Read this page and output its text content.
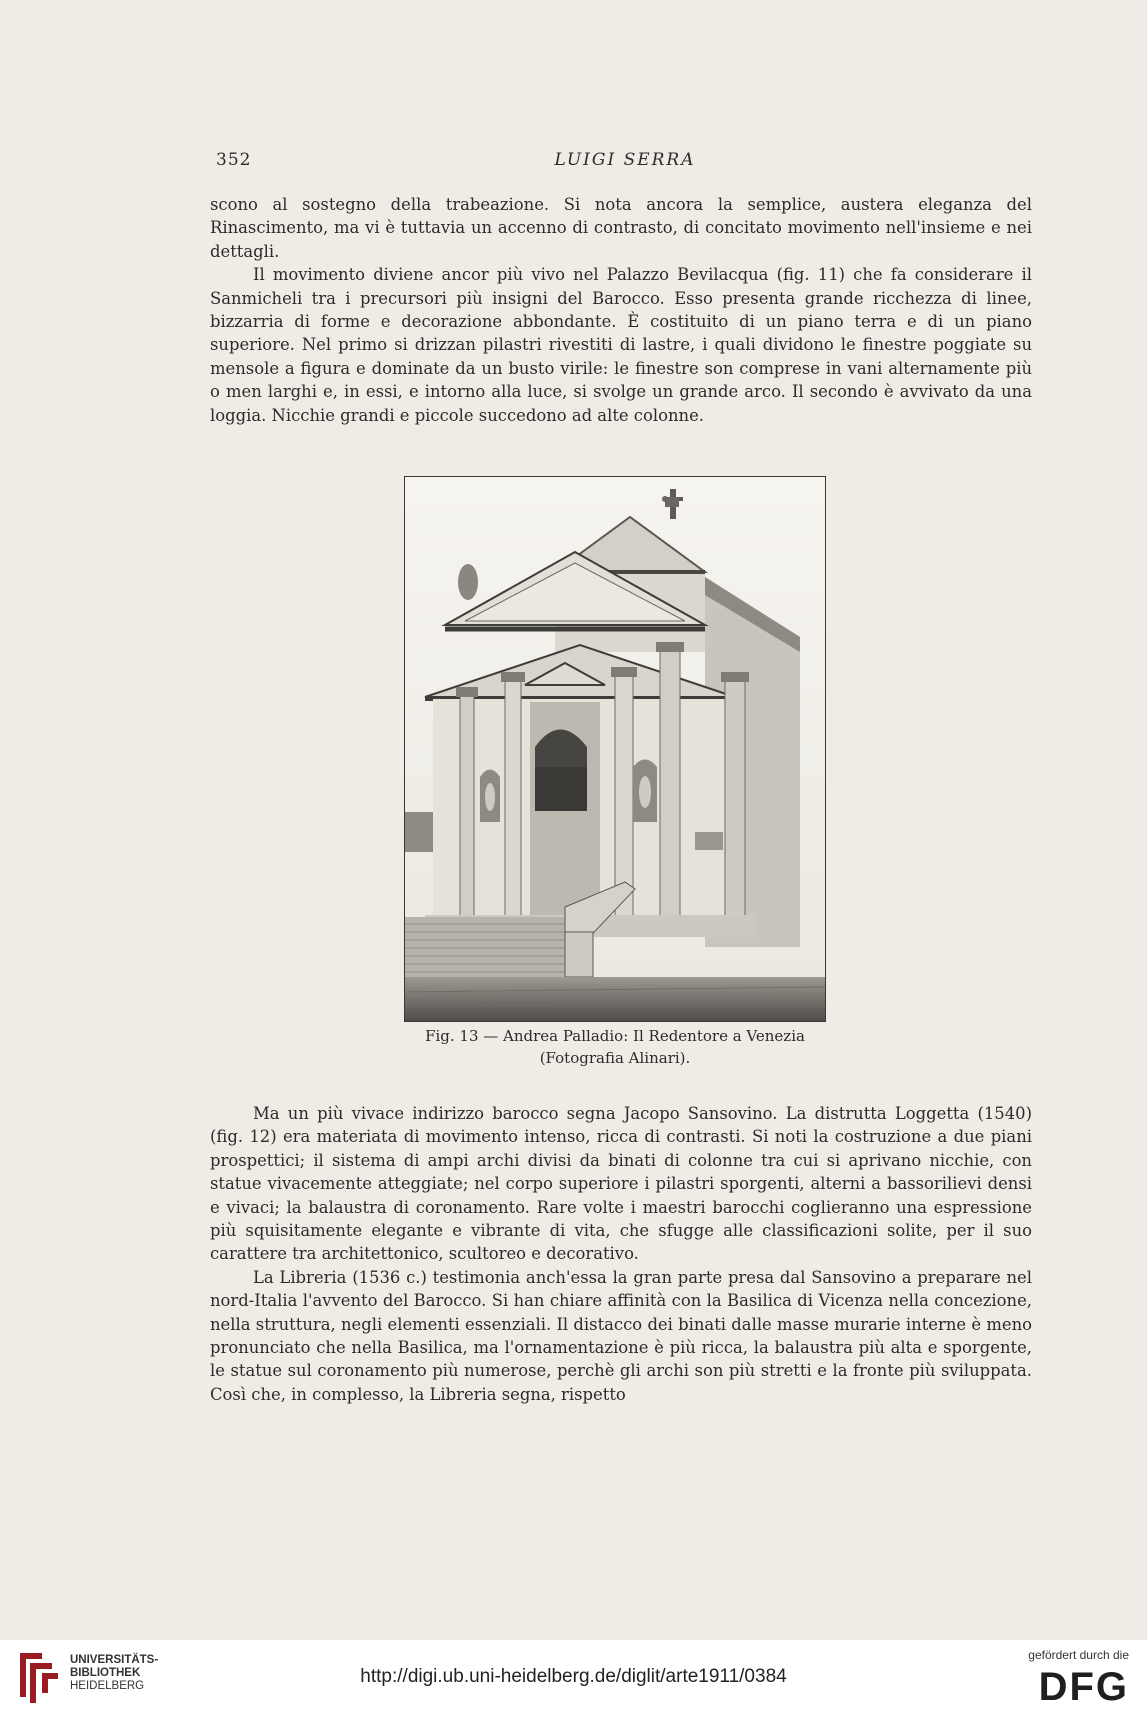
352	LUIGI SERRA

scono al sostegno della trabeazione. Si nota ancora la semplice, austera eleganza del Rinascimento, ma vi è tuttavia un accenno di contrasto, di concitato movimento nell'insieme e nei dettagli.

Il movimento diviene ancor più vivo nel Palazzo Bevilacqua (fig. 11) che fa considerare il Sanmicheli tra i precursori più insigni del Barocco. Esso presenta grande ricchezza di linee, bizzarria di forme e decorazione abbondante. È costituito di un piano terra e di un piano superiore. Nel primo si drizzan pilastri rivestiti di lastre, i quali dividono le finestre poggiate su mensole a figura e dominate da un busto virile: le finestre son comprese in vani alternamente più o men larghi e, in essi, e intorno alla luce, si svolge un grande arco. Il secondo è avvivato da una loggia. Nicchie grandi e piccole succedono ad alte colonne.

Fig. 13 — Andrea Palladio: Il Redentore a Venezia
(Fotografia Alinari).

Ma un più vivace indirizzo barocco segna Jacopo Sansovino. La distrutta Loggetta (1540) (fig. 12) era materiata di movimento intenso, ricca di contrasti. Si noti la costruzione a due piani prospettici; il sistema di ampi archi divisi da binati di colonne tra cui si aprivano nicchie, con statue vivacemente atteggiate; nel corpo superiore i pilastri sporgenti, alterni a bassorilievi densi e vivaci; la balaustra di coronamento. Rare volte i maestri barocchi coglieranno una espressione più squisitamente elegante e vibrante di vita, che sfugge alle classificazioni solite, per il suo carattere tra architettonico, scultoreo e decorativo.

La Libreria (1536 c.) testimonia anch'essa la gran parte presa dal Sansovino a preparare nel nord-Italia l'avvento del Barocco. Si han chiare affinità con la Basilica di Vicenza nella concezione, nella struttura, negli elementi essenziali. Il distacco dei binati dalle masse murarie interne è meno pronunciato che nella Basilica, ma l'ornamentazione è più ricca, la balaustra più alta e sporgente, le statue sul coronamento più numerose, perchè gli archi son più stretti e la fronte più sviluppata. Così che, in complesso, la Libreria segna, rispetto

UNIVERSITÄTS-
BIBLIOTHEK
HEIDELBERG	http://digi.ub.uni-heidelberg.de/diglit/arte1911/0384
gefördert durch die
DFG
